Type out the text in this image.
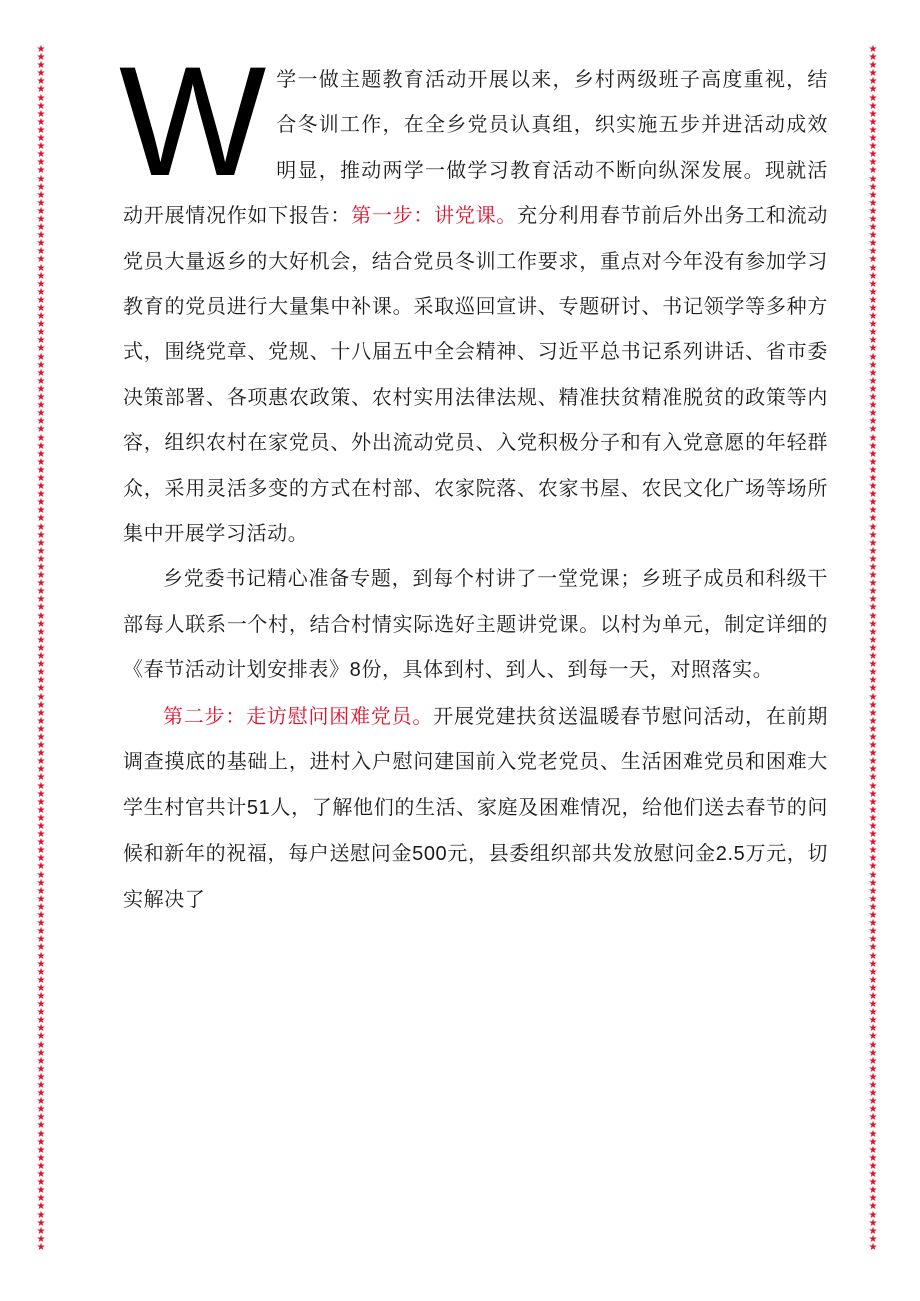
★
★
★
★
★
★
★
★
★
★
★
★
★
★
★
★
★
★
★
★
★
★
★
★
★
★
★
★
★
★
★
★
★
★
★
★
★
★
★
★
★
★
★
★
★
★
★
★
★
★
★
★
★
★
★
★
★
★
★
★
★
★
★
★
★
★
★
★
★
★
★
★
★
★
★
★
★
★
★
★
★
★
★
★
★
★
★
★
★
★
★
★
★
★
★
★
★
★
★
★
★
★
★
★
★
★
★
★
★
★
★
★
★
★
★
★
★
★
★
★
★
★
★
★
★
★
★
★
★
★
★
★
★
★
★
★
★
★
★
★
★
★
★
★
★
★
★
★
★
★
★
★
★
★
★
★
★
★
★
★
★
★
★
★
★
★
★
★
★
★
★
★
★
★
★
★
★
★
★
★
★
★
★
★
★
★
★
★
★
★
★
★
★
★
★
★
★
★
★
★
★
★
★
★
★
★
★
★
★
★
★
★
★
★
★
★
★
★
★
★
★
★
★
★
★
★
★
★
★
★
★
★
★
★
★
★
★
★
★
★
★
★
★
★
★
★
★
★
★
★
★
★
★
★
★
★
★
★
★
★
★
★
★
★
★
★
★
★
★
★
★
★
★
★
★
★
★
★
★
★
★
★
★
★
★
★
★
★
★
★
★
★
★
★
★
★
★
★

W学一做主题教育活动开展以来，乡村两级班子高度重视，结合冬训工作，在全乡党员认真组，织实施五步并进活动成效明显，推动两学一做学习教育活动不断向纵深发展。现就活动开展情况作如下报告：第一步：讲党课。充分利用春节前后外出务工和流动党员大量返乡的大好机会，结合党员冬训工作要求，重点对今年没有参加学习教育的党员进行大量集中补课。采取巡回宣讲、专题研讨、书记领学等多种方式，围绕党章、党规、十八届五中全会精神、习近平总书记系列讲话、省市委决策部署、各项惠农政策、农村实用法律法规、精准扶贫精准脱贫的政策等内容，组织农村在家党员、外出流动党员、入党积极分子和有入党意愿的年轻群众，采用灵活多变的方式在村部、农家院落、农家书屋、农民文化广场等场所集中开展学习活动。

乡党委书记精心准备专题，到每个村讲了一堂党课；乡班子成员和科级干部每人联系一个村，结合村情实际选好主题讲党课。以村为单元，制定详细的《春节活动计划安排表》8份，具体到村、到人、到每一天，对照落实。

第二步：走访慰问困难党员。开展党建扶贫送温暖春节慰问活动，在前期调查摸底的基础上，进村入户慰问建国前入党老党员、生活困难党员和困难大学生村官共计51人，了解他们的生活、家庭及困难情况，给他们送去春节的问候和新年的祝福，每户送慰问金500元，县委组织部共发放慰问金2.5万元，切实解决了
